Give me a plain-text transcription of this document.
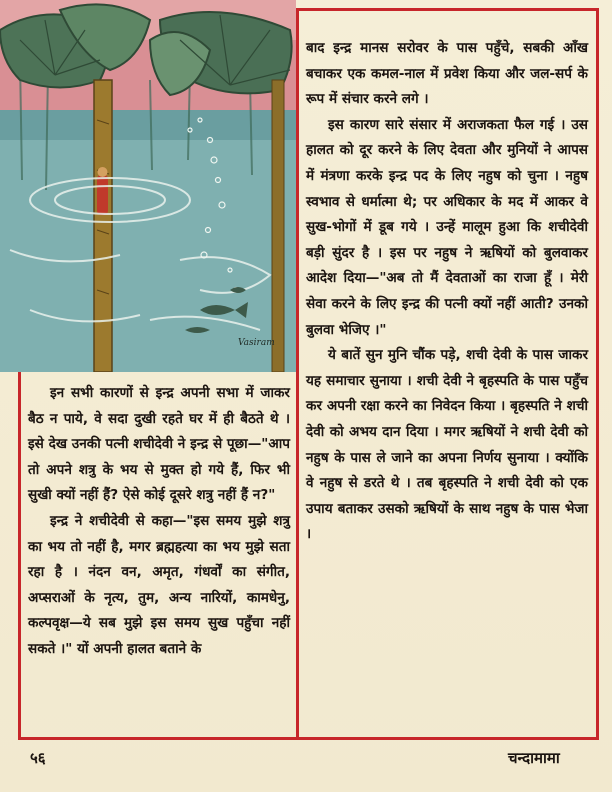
Vasiram

बाद इन्द्र मानस सरोवर के पास पहुँचे, सबकी आँख बचाकर एक कमल-नाल में प्रवेश किया और जल-सर्प के रूप में संचार करने लगे ।

इस कारण सारे संसार में अराजकता फैल गई । उस हालत को दूर करने के लिए देवता और मुनियों ने आपस में मंत्रणा करके इन्द्र पद के लिए नहुष को चुना । नहुष स्वभाव से धर्मात्मा थे; पर अधिकार के मद में आकर वे सुख-भोगों में डूब गये । उन्हें मालूम हुआ कि शचीदेवी बड़ी सुंदर है । इस पर नहुष ने ऋषियों को बुलवाकर आदेश दिया—"अब तो मैं देवताओं का राजा हूँ । मेरी सेवा करने के लिए इन्द्र की पत्नी क्यों नहीं आती? उनको बुलवा भेजिए ।"

ये बातें सुन मुनि चौंक पड़े, शची देवी के पास जाकर यह समाचार सुनाया । शची देवी ने बृहस्पति के पास पहुँच कर अपनी रक्षा करने का निवेदन किया । बृहस्पति ने शची देवी को अभय दान दिया । मगर ऋषियों ने शची देवी को नहुष के पास ले जाने का अपना निर्णय सुनाया । क्योंकि वे नहुष से डरते थे । तब बृहस्पति ने शची देवी को एक उपाय बताकर उसको ऋषियों के साथ नहुष के पास भेजा ।

इन सभी कारणों से इन्द्र अपनी सभा में जाकर बैठ न पाये, वे सदा दुखी रहते घर में ही बैठते थे । इसे देख उनकी पत्नी शचीदेवी ने इन्द्र से पूछा—"आप तो अपने शत्रु के भय से मुक्त हो गये हैं, फिर भी सुखी क्यों नहीं हैं? ऐसे कोई दूसरे शत्रु नहीं हैं न?"

इन्द्र ने शचीदेवी से कहा—"इस समय मुझे शत्रु का भय तो नहीं है, मगर ब्रह्महत्या का भय मुझे सता रहा है । नंदन वन, अमृत, गंधर्वों का संगीत, अप्सराओं के नृत्य, तुम, अन्य नारियों, कामधेनु, कल्पवृक्ष—ये सब मुझे इस समय सुख पहुँचा नहीं सकते ।" यों अपनी हालत बताने के

५६	चन्दामामा
